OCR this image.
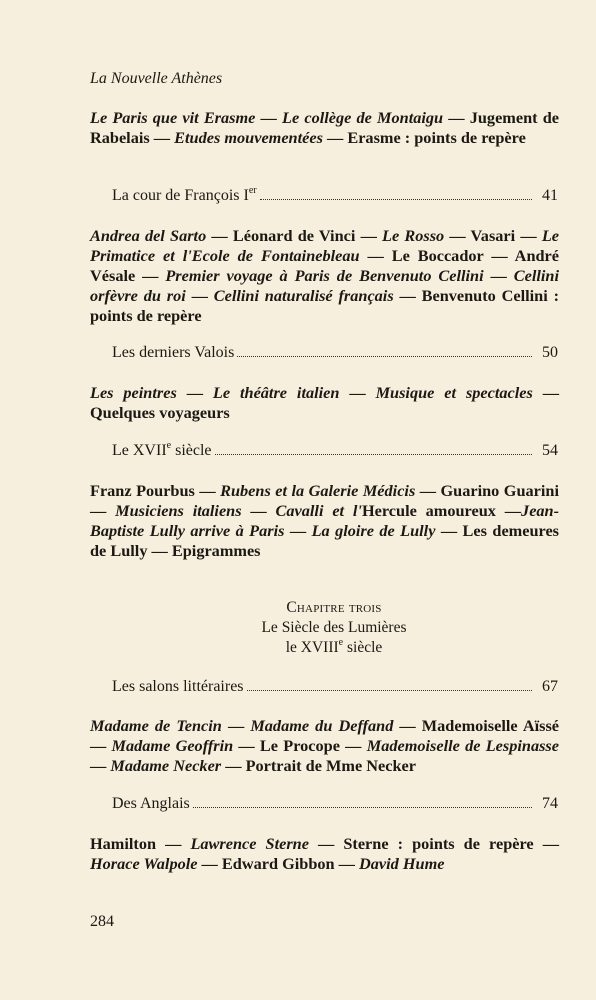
La Nouvelle Athènes

Le Paris que vit Erasme — Le collège de Montaigu — Jugement de Rabelais — Etudes mouvementées — Erasme : points de repère

La cour de François Ier	41

Andrea del Sarto — Léonard de Vinci — Le Rosso — Vasari — Le Primatice et l'Ecole de Fontainebleau — Le Boccador — André Vésale — Premier voyage à Paris de Benvenuto Cellini — Cellini orfèvre du roi — Cellini naturalisé français — Benvenuto Cellini : points de repère

Les derniers Valois	50

Les peintres — Le théâtre italien — Musique et spectacles — Quelques voyageurs

Le XVIIe siècle	54

Franz Pourbus — Rubens et la Galerie Médicis — Guarino Guarini — Musiciens italiens — Cavalli et l'Hercule amoureux —Jean-Baptiste Lully arrive à Paris — La gloire de Lully — Les demeures de Lully — Epigrammes

Chapitre trois
Le Siècle des Lumières
le XVIIIe siècle
Les salons littéraires	67

Madame de Tencin — Madame du Deffand — Mademoiselle Aïssé — Madame Geoffrin — Le Procope — Mademoiselle de Lespinasse — Madame Necker — Portrait de Mme Necker

Des Anglais	74

Hamilton — Lawrence Sterne — Sterne : points de repère — Horace Walpole — Edward Gibbon — David Hume

284
